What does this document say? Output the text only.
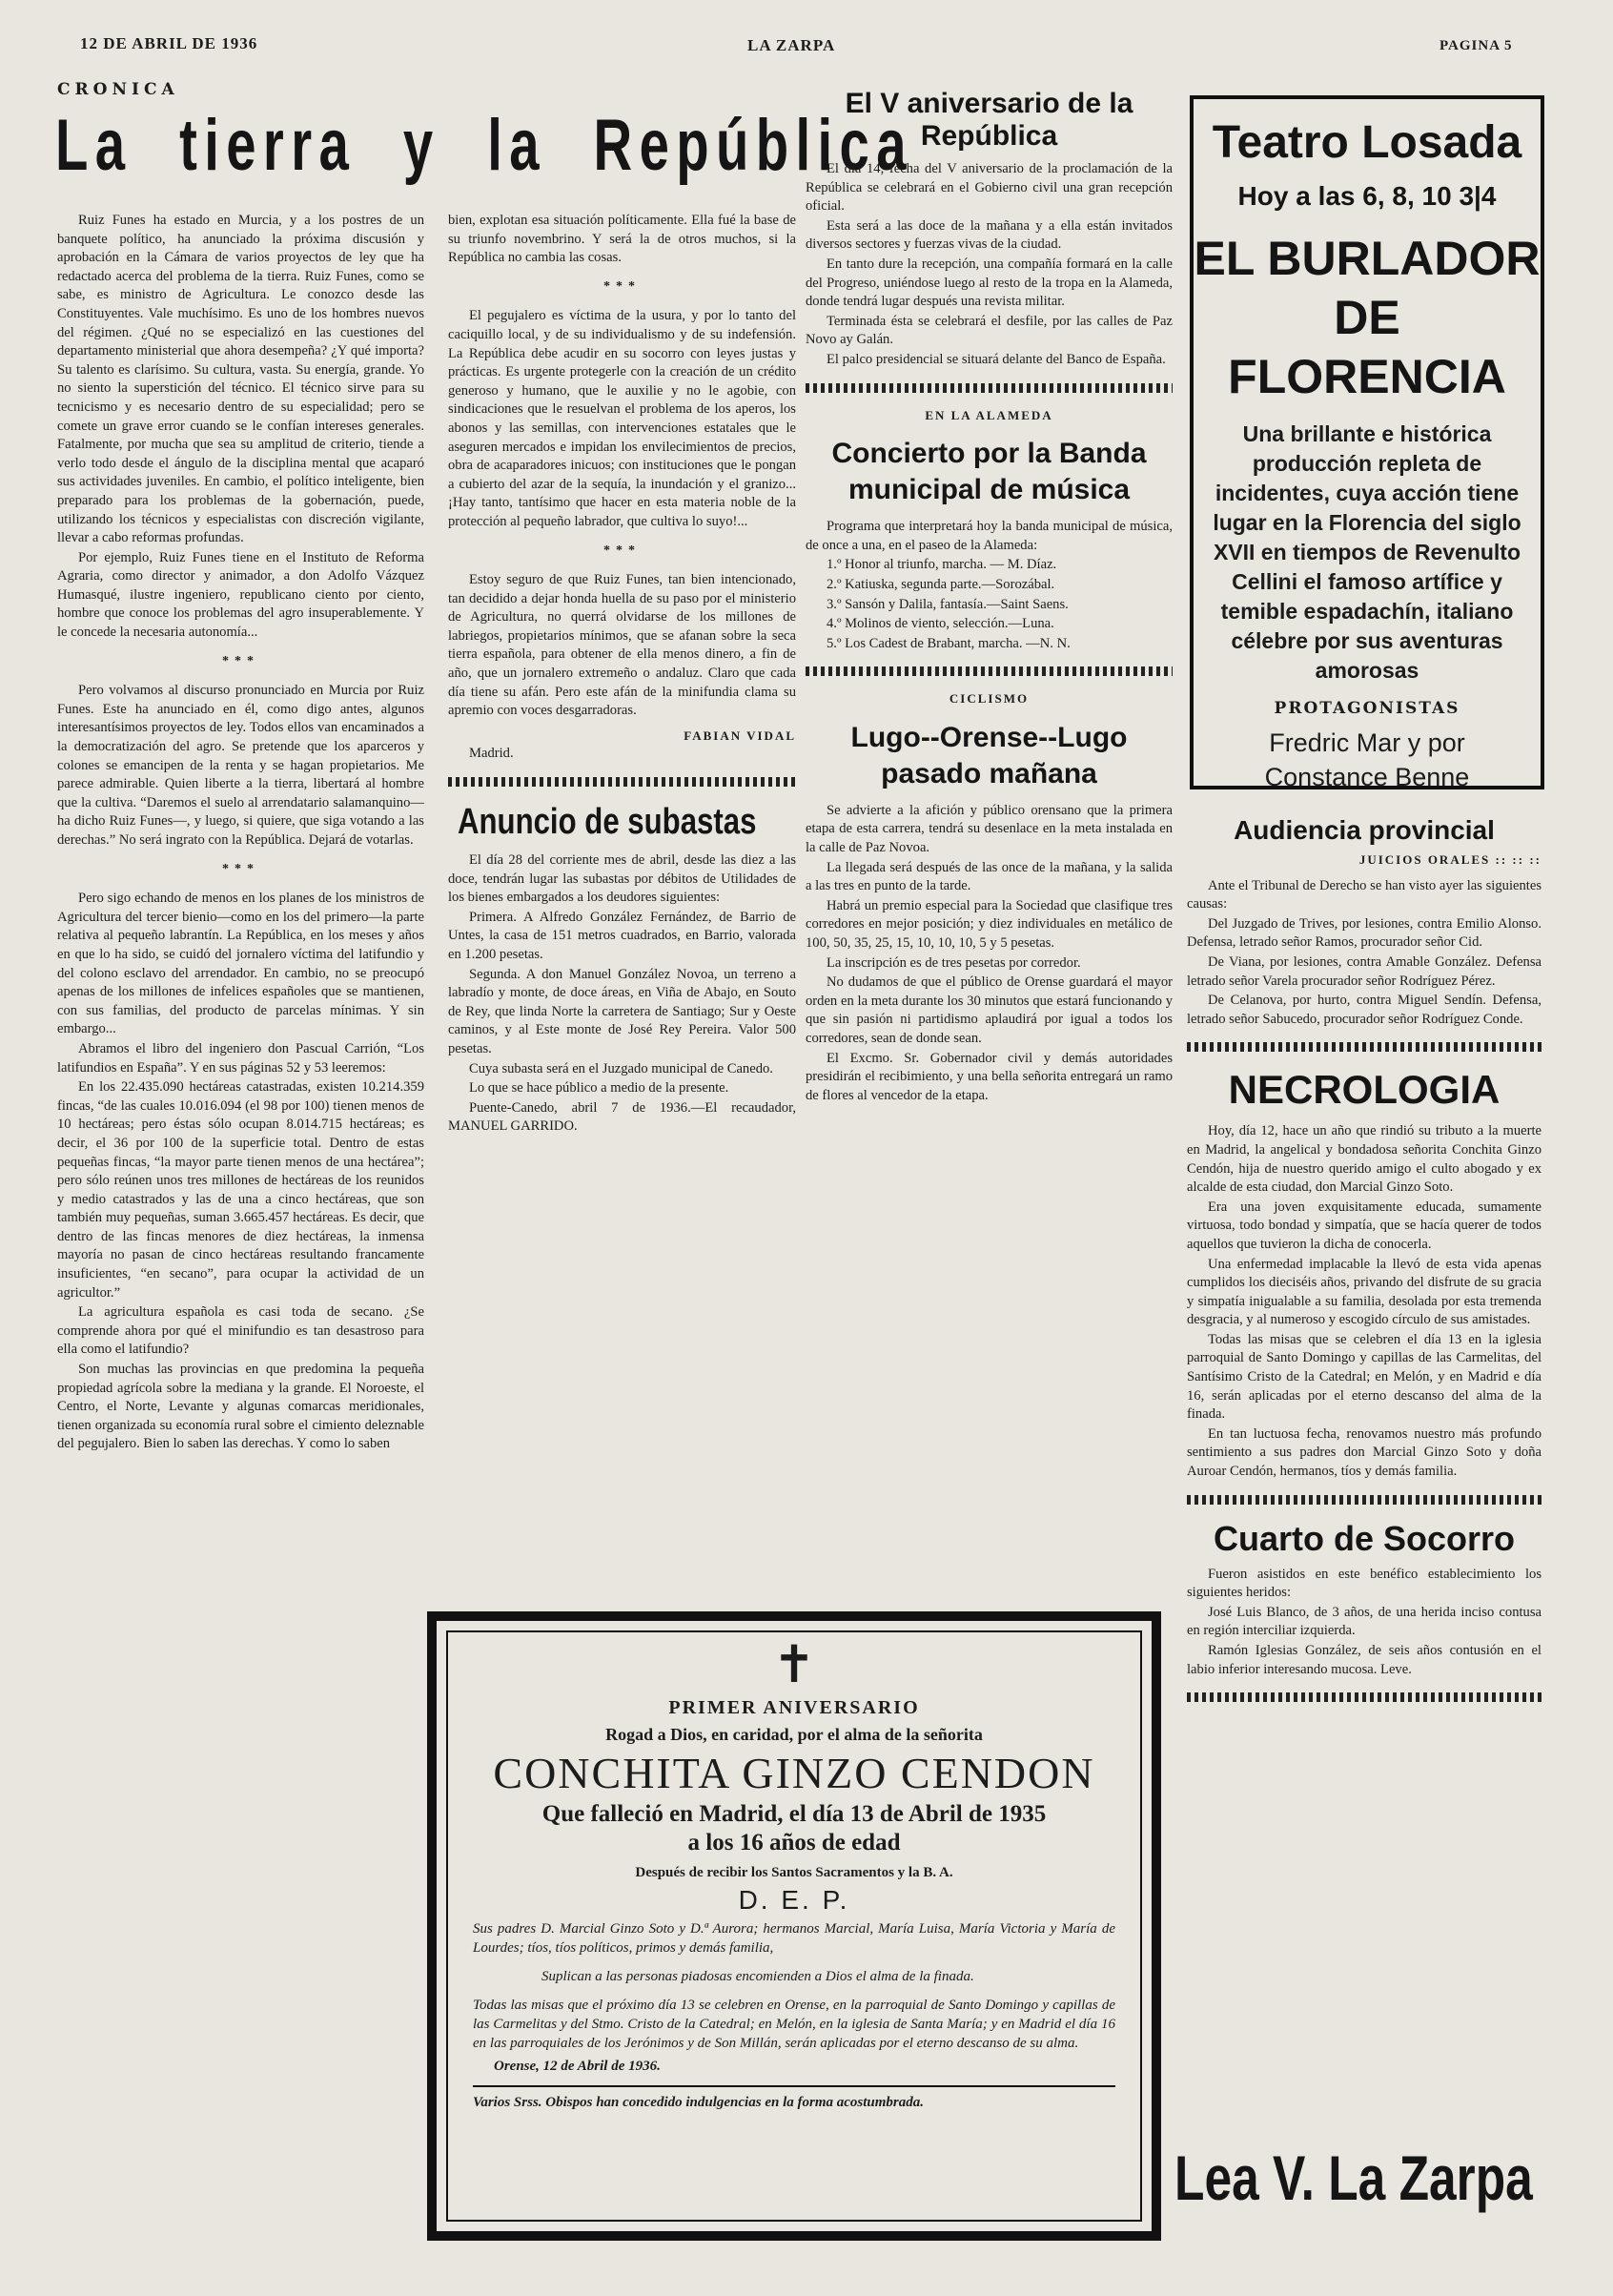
12 DE ABRIL DE 1936	LA ZARPA	PAGINA 5
CRONICA
La tierra y la República

Ruiz Funes ha estado en Murcia, y a los postres de un banquete político, ha anunciado la próxima discusión y aprobación en la Cámara de varios proyectos de ley que ha redactado acerca del problema de la tierra. Ruiz Funes, como se sabe, es ministro de Agricultura. Le conozco desde las Constituyentes. Vale muchísimo. Es uno de los hombres nuevos del régimen. ¿Qué no se especializó en las cuestiones del departamento ministerial que ahora desempeña? ¿Y qué importa? Su talento es clarísimo. Su cultura, vasta. Su energía, grande. Yo no siento la superstición del técnico. El técnico sirve para su tecnicismo y es necesario dentro de su especialidad; pero se comete un grave error cuando se le confían intereses generales. Fatalmente, por mucha que sea su amplitud de criterio, tiende a verlo todo desde el ángulo de la disciplina mental que acaparó sus actividades juveniles. En cambio, el político inteligente, bien preparado para los problemas de la gobernación, puede, utilizando los técnicos y especialistas con discreción vigilante, llevar a cabo reformas profundas.

Por ejemplo, Ruiz Funes tiene en el Instituto de Reforma Agraria, como director y animador, a don Adolfo Vázquez Humasqué, ilustre ingeniero, republicano ciento por ciento, hombre que conoce los problemas del agro insuperablemente. Y le concede la necesaria autonomía...

***

Pero volvamos al discurso pronunciado en Murcia por Ruiz Funes. Este ha anunciado en él, como digo antes, algunos interesantísimos proyectos de ley. Todos ellos van encaminados a la democratización del agro. Se pretende que los aparceros y colones se emancipen de la renta y se hagan propietarios. Me parece admirable. Quien liberte a la tierra, libertará al hombre que la cultiva. “Daremos el suelo al arrendatario salamanquino—ha dicho Ruiz Funes—, y luego, si quiere, que siga votando a las derechas.” No será ingrato con la República. Dejará de votarlas.

***

Pero sigo echando de menos en los planes de los ministros de Agricultura del tercer bienio—como en los del primero—la parte relativa al pequeño labrantín. La República, en los meses y años en que lo ha sido, se cuidó del jornalero víctima del latifundio y del colono esclavo del arrendador. En cambio, no se preocupó apenas de los millones de infelices españoles que se mantienen, con sus familias, del producto de parcelas mínimas. Y sin embargo...

Abramos el libro del ingeniero don Pascual Carrión, “Los latifundios en España”. Y en sus páginas 52 y 53 leeremos:

En los 22.435.090 hectáreas catastradas, existen 10.214.359 fincas, “de las cuales 10.016.094 (el 98 por 100) tienen menos de 10 hectáreas; pero éstas sólo ocupan 8.014.715 hectáreas; es decir, el 36 por 100 de la superficie total. Dentro de estas pequeñas fincas, “la mayor parte tienen menos de una hectárea”; pero sólo reúnen unos tres millones de hectáreas de los reunidos y medio catastrados y las de una a cinco hectáreas, que son también muy pequeñas, suman 3.665.457 hectáreas. Es decir, que dentro de las fincas menores de diez hectáreas, la inmensa mayoría no pasan de cinco hectáreas resultando francamente insuficientes, “en secano”, para ocupar la actividad de un agricultor.”

La agricultura española es casi toda de secano. ¿Se comprende ahora por qué el minifundio es tan desastroso para ella como el latifundio?

Son muchas las provincias en que predomina la pequeña propiedad agrícola sobre la mediana y la grande. El Noroeste, el Centro, el Norte, Levante y algunas comarcas meridionales, tienen organizada su economía rural sobre el cimiento deleznable del pegujalero. Bien lo saben las derechas. Y como lo saben

bien, explotan esa situación políticamente. Ella fué la base de su triunfo novembrino. Y será la de otros muchos, si la República no cambia las cosas.

***

El pegujalero es víctima de la usura, y por lo tanto del caciquillo local, y de su individualismo y de su indefensión. La República debe acudir en su socorro con leyes justas y prácticas. Es urgente protegerle con la creación de un crédito generoso y humano, que le auxilie y no le agobie, con sindicaciones que le resuelvan el problema de los aperos, los abonos y las semillas, con intervenciones estatales que le aseguren mercados e impidan los envilecimientos de precios, obra de acaparadores inicuos; con instituciones que le pongan a cubierto del azar de la sequía, la inundación y el granizo... ¡Hay tanto, tantísimo que hacer en esta materia noble de la protección al pequeño labrador, que cultiva lo suyo!...

***

Estoy seguro de que Ruiz Funes, tan bien intencionado, tan decidido a dejar honda huella de su paso por el ministerio de Agricultura, no querrá olvidarse de los millones de labriegos, propietarios mínimos, que se afanan sobre la seca tierra española, para obtener de ella menos dinero, a fin de año, que un jornalero extremeño o andaluz. Claro que cada día tiene su afán. Pero este afán de la minifundia clama su apremio con voces desgarradoras.

FABIAN VIDAL
Madrid.
Anuncio de subastas

El día 28 del corriente mes de abril, desde las diez a las doce, tendrán lugar las subastas por débitos de Utilidades de los bienes embargados a los deudores siguientes:

Primera. A Alfredo González Fernández, de Barrio de Untes, la casa de 151 metros cuadrados, en Barrio, valorada en 1.200 pesetas.

Segunda. A don Manuel González Novoa, un terreno a labradío y monte, de doce áreas, en Viña de Abajo, en Souto de Rey, que linda Norte la carretera de Santiago; Sur y Oeste caminos, y al Este monte de José Rey Pereira. Valor 500 pesetas.

Cuya subasta será en el Juzgado municipal de Canedo.

Lo que se hace público a medio de la presente.

Puente-Canedo, abril 7 de 1936.—El recaudador, MANUEL GARRIDO.

El V aniversario de la República

El día 14, fecha del V aniversario de la proclamación de la República se celebrará en el Gobierno civil una gran recepción oficial.

Esta será a las doce de la mañana y a ella están invitados diversos sectores y fuerzas vivas de la ciudad.

En tanto dure la recepción, una compañía formará en la calle del Progreso, uniéndose luego al resto de la tropa en la Alameda, donde tendrá lugar después una revista militar.

Terminada ésta se celebrará el desfile, por las calles de Paz Novo ay Galán.

El palco presidencial se situará delante del Banco de España.

EN LA ALAMEDA
Concierto por la Banda municipal de música

Programa que interpretará hoy la banda municipal de música, de once a una, en el paseo de la Alameda:

1.º Honor al triunfo, marcha. — M. Díaz.

2.º Katiuska, segunda parte.—Sorozábal.

3.º Sansón y Dalila, fantasía.—Saint Saens.

4.º Molinos de viento, selección.—Luna.

5.º Los Cadest de Brabant, marcha. —N. N.

CICLISMO
Lugo--Orense--Lugo pasado mañana

Se advierte a la afición y público orensano que la primera etapa de esta carrera, tendrá su desenlace en la meta instalada en la calle de Paz Novoa.

La llegada será después de las once de la mañana, y la salida a las tres en punto de la tarde.

Habrá un premio especial para la Sociedad que clasifique tres corredores en mejor posición; y diez individuales en metálico de 100, 50, 35, 25, 15, 10, 10, 10, 5 y 5 pesetas.

La inscripción es de tres pesetas por corredor.

No dudamos de que el público de Orense guardará el mayor orden en la meta durante los 30 minutos que estará funcionando y que sin pasión ni partidismo aplaudirá por igual a todos los corredores, sean de donde sean.

El Excmo. Sr. Gobernador civil y demás autoridades presidirán el recibimiento, y una bella señorita entregará un ramo de flores al vencedor de la etapa.

Teatro Losada
Hoy a las 6, 8, 10 3|4
EL BURLADOR
DE FLORENCIA
Una brillante e histórica producción repleta de incidentes, cuya acción tiene lugar en la Florencia del siglo XVII en tiempos de Revenulto Cellini el famoso artífice y temible espadachín, italiano célebre por sus aventuras amorosas
PROTAGONISTAS
Fredric Mar y por
Constance Benne
Audiencia provincial
JUICIOS ORALES :: :: ::

Ante el Tribunal de Derecho se han visto ayer las siguientes causas:

Del Juzgado de Trives, por lesiones, contra Emilio Alonso. Defensa, letrado señor Ramos, procurador señor Cid.

De Viana, por lesiones, contra Amable González. Defensa letrado señor Varela procurador señor Rodríguez Pérez.

De Celanova, por hurto, contra Miguel Sendín. Defensa, letrado señor Sabucedo, procurador señor Rodríguez Conde.

NECROLOGIA

Hoy, día 12, hace un año que rindió su tributo a la muerte en Madrid, la angelical y bondadosa señorita Conchita Ginzo Cendón, hija de nuestro querido amigo el culto abogado y ex alcalde de esta ciudad, don Marcial Ginzo Soto.

Era una joven exquisitamente educada, sumamente virtuosa, todo bondad y simpatía, que se hacía querer de todos aquellos que tuvieron la dicha de conocerla.

Una enfermedad implacable la llevó de esta vida apenas cumplidos los dieciséis años, privando del disfrute de su gracia y simpatía inigualable a su familia, desolada por esta tremenda desgracia, y al numeroso y escogido círculo de sus amistades.

Todas las misas que se celebren el día 13 en la iglesia parroquial de Santo Domingo y capillas de las Carmelitas, del Santísimo Cristo de la Catedral; en Melón, y en Madrid e día 16, serán aplicadas por el eterno descanso del alma de la finada.

En tan luctuosa fecha, renovamos nuestro más profundo sentimiento a sus padres don Marcial Ginzo Soto y doña Auroar Cendón, hermanos, tíos y demás familia.

Cuarto de Socorro

Fueron asistidos en este benéfico establecimiento los siguientes heridos:

José Luis Blanco, de 3 años, de una herida inciso contusa en región interciliar izquierda.

Ramón Iglesias González, de seis años contusión en el labio inferior interesando mucosa. Leve.

Lea V. La Zarpa
✝
PRIMER ANIVERSARIO
Rogad a Dios, en caridad, por el alma de la señorita
CONCHITA GINZO CENDON
Que falleció en Madrid, el día 13 de Abril de 1935
a los 16 años de edad
Después de recibir los Santos Sacramentos y la B. A.
D. E. P.
Sus padres D. Marcial Ginzo Soto y D.ª Aurora; hermanos Marcial, María Luisa, María Victoria y María de Lourdes; tíos, tíos políticos, primos y demás familia,
Suplican a las personas piadosas encomienden a Dios el alma de la finada.
Todas las misas que el próximo día 13 se celebren en Orense, en la parroquial de Santo Domingo y capillas de las Carmelitas y del Stmo. Cristo de la Catedral; en Melón, en la iglesia de Santa María; y en Madrid el día 16 en las parroquiales de los Jerónimos y de Son Millán, serán aplicadas por el eterno descanso de su alma.
Orense, 12 de Abril de 1936.
Varios Srss. Obispos han concedido indulgencias en la forma acostumbrada.
